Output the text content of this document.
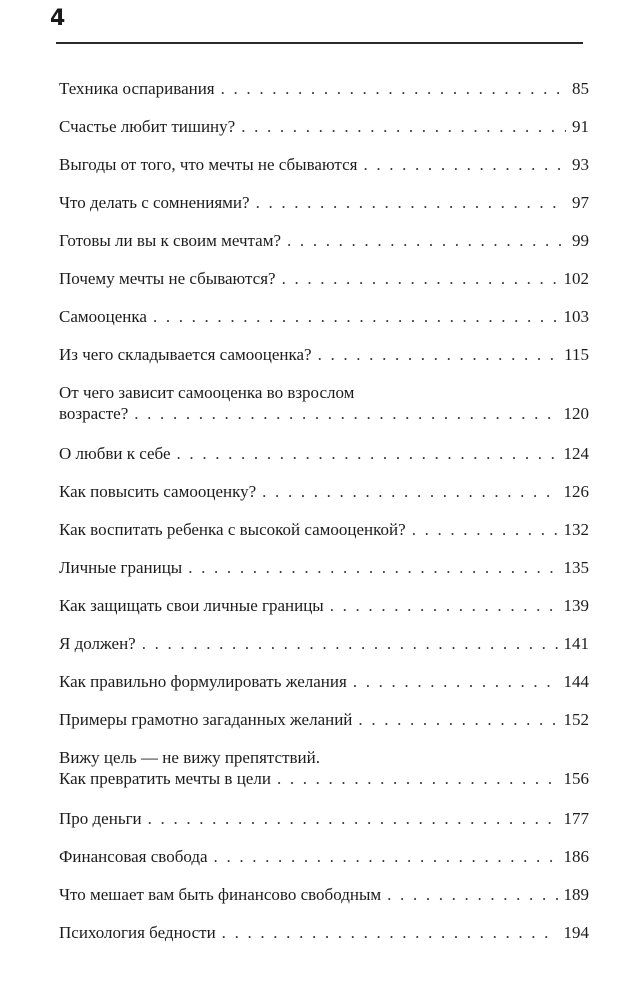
4
Техника оспаривания . . .	85
Счастье любит тишину? . . .	91
Выгоды от того, что мечты не сбываются . . .	93
Что делать с сомнениями? . . .	97
Готовы ли вы к своим мечтам? . . .	99
Почему мечты не сбываются? . . .	102
Самооценка . . .	103
Из чего складывается самооценка? . . .	115
От чего зависит самооценка во взрослом
возрасте? . . .	120
О любви к себе . . .	124
Как повысить самооценку? . . .	126
Как воспитать ребенка с высокой самооценкой? . . .	132
Личные границы . . .	135
Как защищать свои личные границы . . .	139
Я должен? . . .	141
Как правильно формулировать желания . . .	144
Примеры грамотно загаданных желаний . . .	152
Вижу цель — не вижу препятствий.
Как превратить мечты в цели . . .	156
Про деньги . . .	177
Финансовая свобода . . .	186
Что мешает вам быть финансово свободным . . .	189
Психология бедности . . .	194
